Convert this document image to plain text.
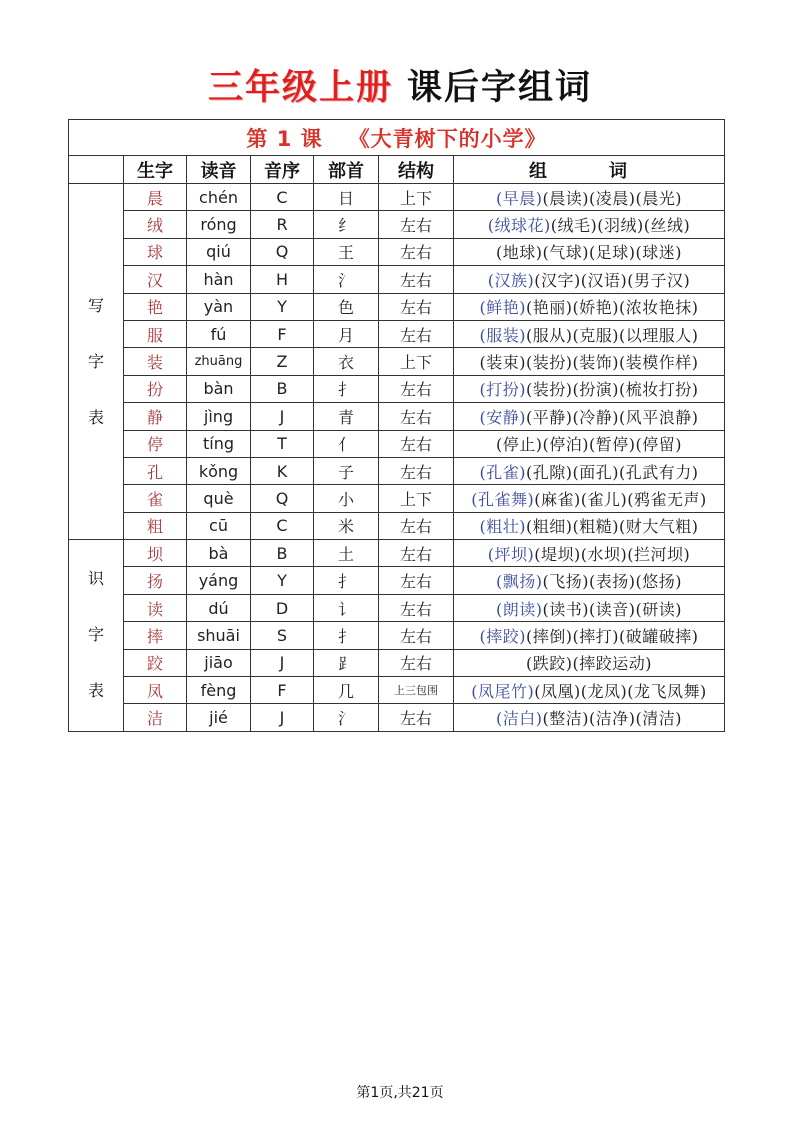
三年级上册 课后字组词
第 1 课 《大青树下的小学》						
	生字	读音	音序	部首	结构	组　词

写
字
表	晨	chén	C	日	上下	(早晨)(晨读)(凌晨)(晨光)
	绒	róng	R	纟	左右	(绒球花)(绒毛)(羽绒)(丝绒)
	球	qiú	Q	王	左右	(地球)(气球)(足球)(球迷)
	汉	hàn	H	氵	左右	(汉族)(汉字)(汉语)(男子汉)
	艳	yàn	Y	色	左右	(鲜艳)(艳丽)(娇艳)(浓妆艳抹)
	服	fú	F	月	左右	(服装)(服从)(克服)(以理服人)
	装	zhuāng	Z	衣	上下	(装束)(装扮)(装饰)(装模作样)
	扮	bàn	B	扌	左右	(打扮)(装扮)(扮演)(梳妆打扮)
	静	jìng	J	青	左右	(安静)(平静)(冷静)(风平浪静)
	停	tíng	T	亻	左右	(停止)(停泊)(暂停)(停留)
	孔	kǒng	K	子	左右	(孔雀)(孔隙)(面孔)(孔武有力)
	雀	què	Q	小	上下	(孔雀舞)(麻雀)(雀儿)(鸦雀无声)
	粗	cū	C	米	左右	(粗壮)(粗细)(粗糙)(财大气粗)

识
字
表	坝	bà	B	土	左右	(坪坝)(堤坝)(水坝)(拦河坝)
	扬	yáng	Y	扌	左右	(飘扬)(飞扬)(表扬)(悠扬)
	读	dú	D	讠	左右	(朗读)(读书)(读音)(研读)
	摔	shuāi	S	扌	左右	(摔跤)(摔倒)(摔打)(破罐破摔)
	跤	jiāo	J	⻊	左右	(跌跤)(摔跤运动)
	凤	fèng	F	几	上三包围	(凤尾竹)(凤凰)(龙凤)(龙飞凤舞)
	洁	jié	J	氵	左右	(洁白)(整洁)(洁净)(清洁)
第1页,共21页
